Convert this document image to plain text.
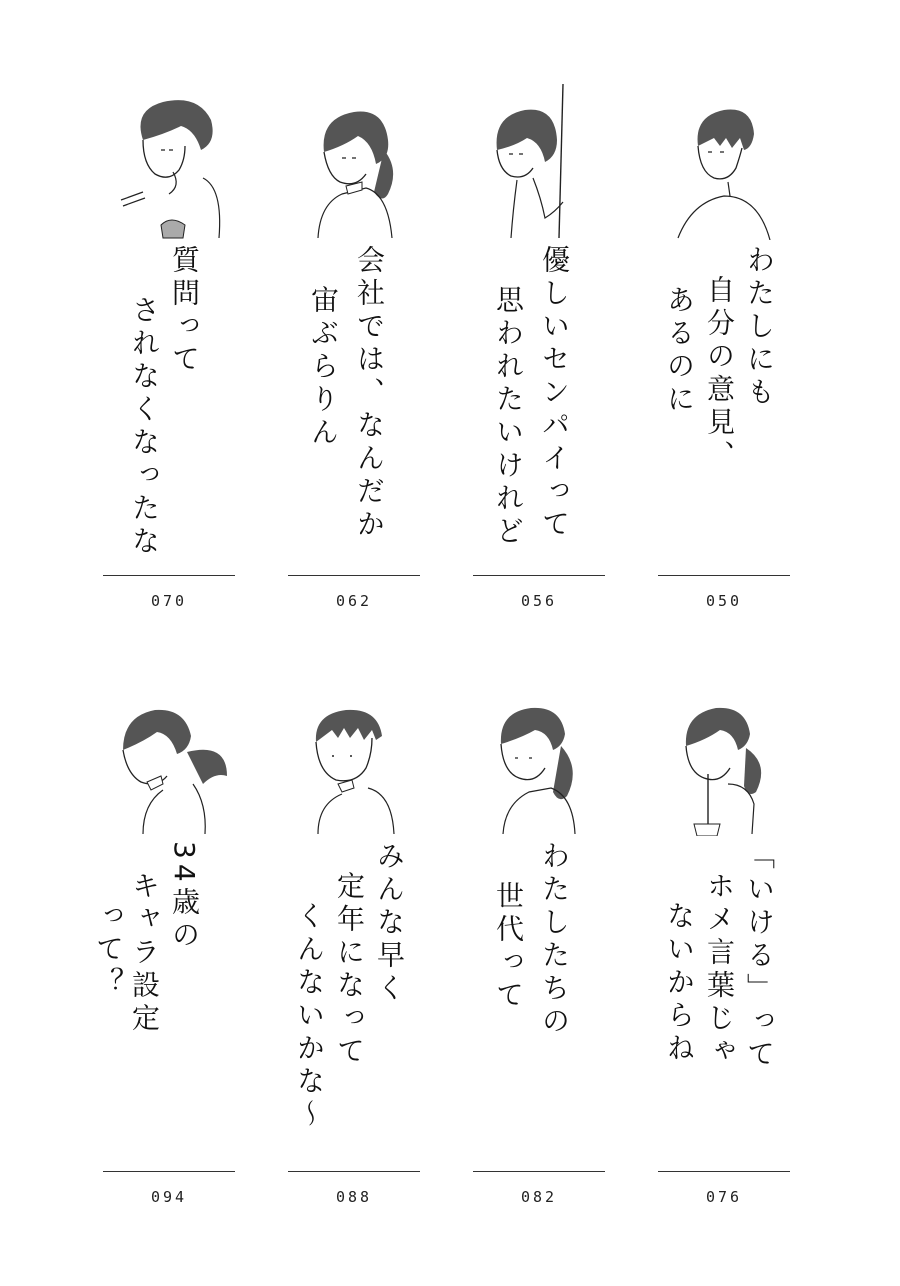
質問って
されなくなったな
070
会社では、なんだか
宙ぶらりん
062
優しいセンパイって
思われたいけれど
056
わたしにも
自分の意見、
あるのに
050
34歳の
キャラ設定
って？
094
みんな早く
定年になって
くんないかな〜
088
わたしたちの
世代って
082
「いける」って
ホメ言葉じゃ
ないからね
076
